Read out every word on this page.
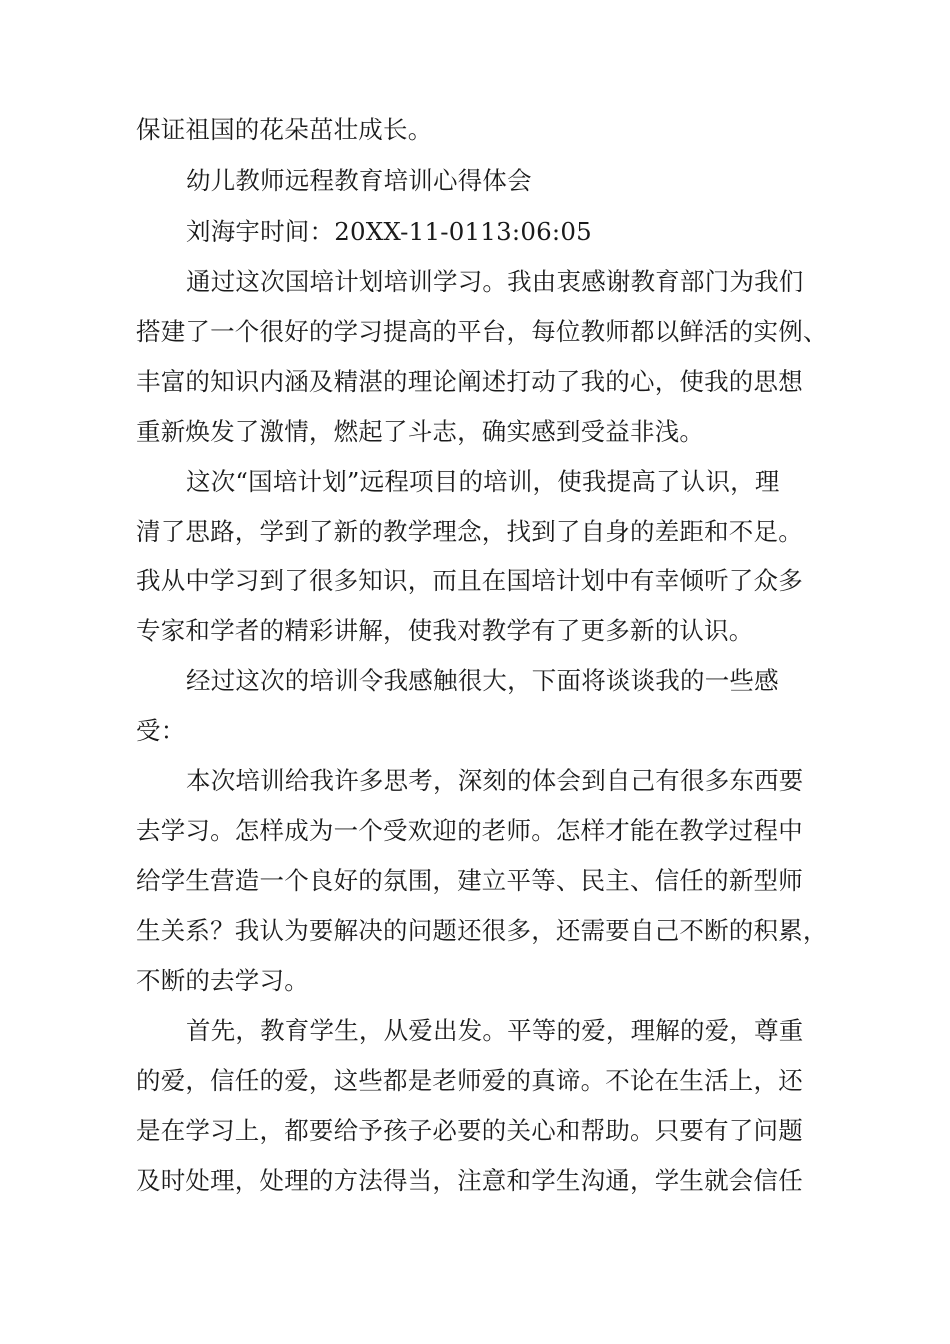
保证祖国的花朵茁壮成长。
幼儿教师远程教育培训心得体会
刘海宇时间：20XX-11-0113:06:05
通过这次国培计划培训学习。我由衷感谢教育部门为我们
搭建了一个很好的学习提高的平台，每位教师都以鲜活的实例、
丰富的知识内涵及精湛的理论阐述打动了我的心，使我的思想
重新焕发了激情，燃起了斗志，确实感到受益非浅。
这次“国培计划”远程项目的培训，使我提高了认识，理
清了思路，学到了新的教学理念，找到了自身的差距和不足。
我从中学习到了很多知识，而且在国培计划中有幸倾听了众多
专家和学者的精彩讲解，使我对教学有了更多新的认识。
经过这次的培训令我感触很大，下面将谈谈我的一些感
受：
本次培训给我许多思考，深刻的体会到自己有很多东西要
去学习。怎样成为一个受欢迎的老师。怎样才能在教学过程中
给学生营造一个良好的氛围，建立平等、民主、信任的新型师
生关系？我认为要解决的问题还很多，还需要自己不断的积累，
不断的去学习。
首先，教育学生，从爱出发。平等的爱，理解的爱，尊重
的爱，信任的爱，这些都是老师爱的真谛。不论在生活上，还
是在学习上，都要给予孩子必要的关心和帮助。只要有了问题
及时处理，处理的方法得当，注意和学生沟通，学生就会信任
